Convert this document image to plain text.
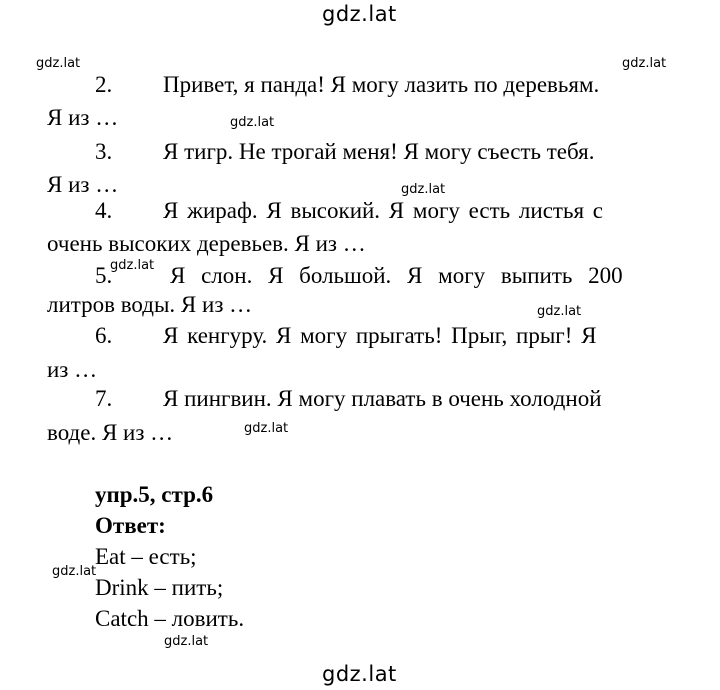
gdz.lat
gdz.lat	gdz.lat
gdz.lat
gdz.lat
gdz.lat
gdz.lat
gdz.lat
gdz.lat
gdz.lat
gdz.lat
2. Привет, я панда! Я могу лазить по деревьям.
Я из …
3. Я тигр. Не трогай меня! Я могу съесть тебя.
Я из …
4. Я жираф. Я высокий. Я могу есть листья с
очень высоких деревьев. Я из …
5.	Я слон. Я большой. Я могу выпить 200
литров воды. Я из …
6. Я кенгуру. Я могу прыгать! Прыг, прыг! Я
из …
7. Я пингвин. Я могу плавать в очень холодной
воде. Я из …
упр.5, стр.6
Ответ:
Eat – есть;
Drink – пить;
Catch – ловить.
